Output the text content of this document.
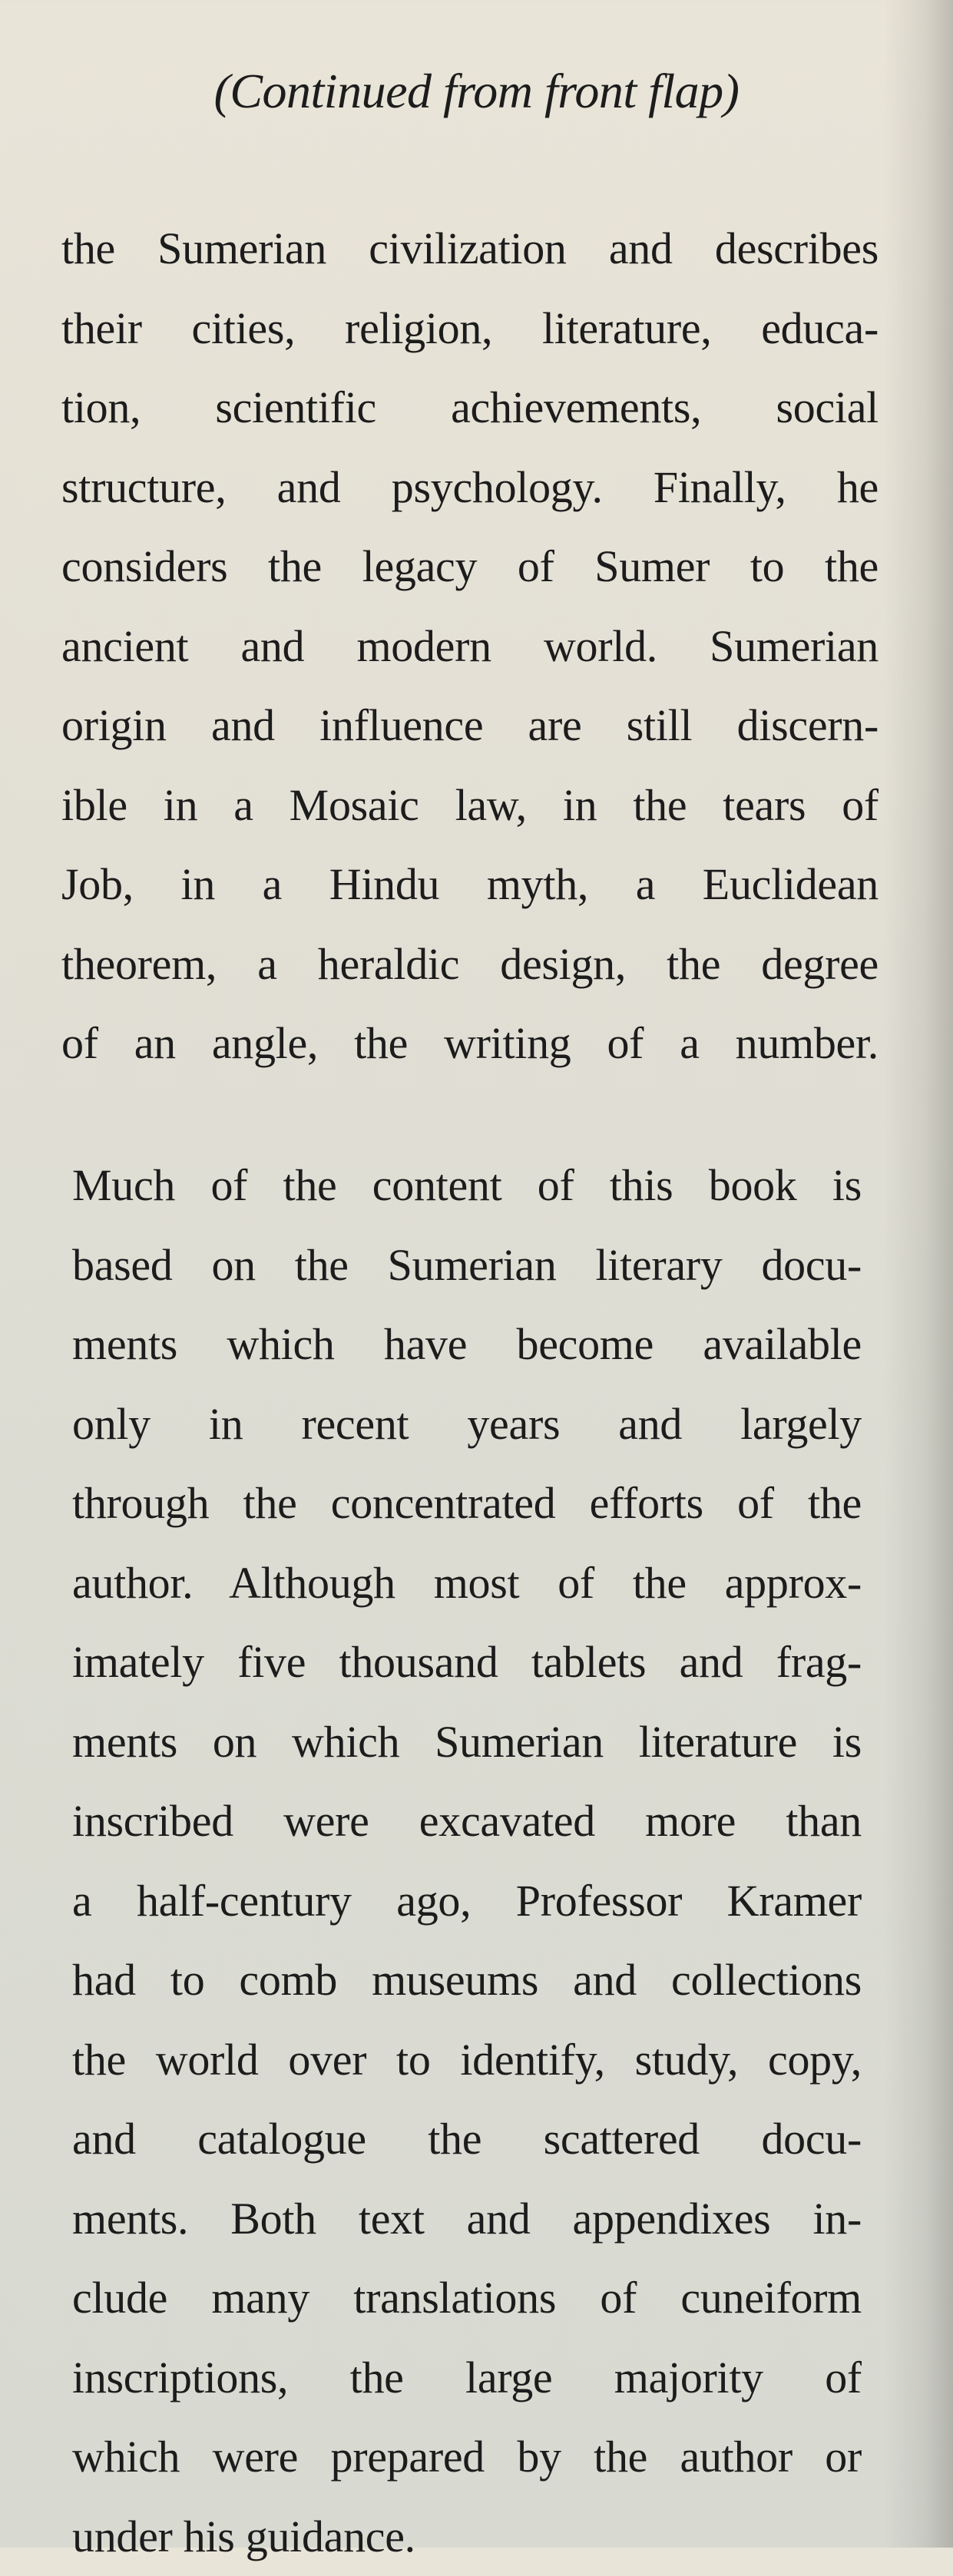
(Continued from front flap)
the Sumerian civilization and describes
their cities, religion, literature, educa-
tion, scientific achievements, social
structure, and psychology. Finally, he
considers the legacy of Sumer to the
ancient and modern world. Sumerian
origin and influence are still discern-
ible in a Mosaic law, in the tears of
Job, in a Hindu myth, a Euclidean
theorem, a heraldic design, the degree
of an angle, the writing of a number.
Much of the content of this book is
based on the Sumerian literary docu-
ments which have become available
only in recent years and largely
through the concentrated efforts of the
author. Although most of the approx-
imately five thousand tablets and frag-
ments on which Sumerian literature is
inscribed were excavated more than
a half-century ago, Professor Kramer
had to comb museums and collections
the world over to identify, study, copy,
and catalogue the scattered docu-
ments. Both text and appendixes in-
clude many translations of cuneiform
inscriptions, the large majority of
which were prepared by the author or
under his guidance.
